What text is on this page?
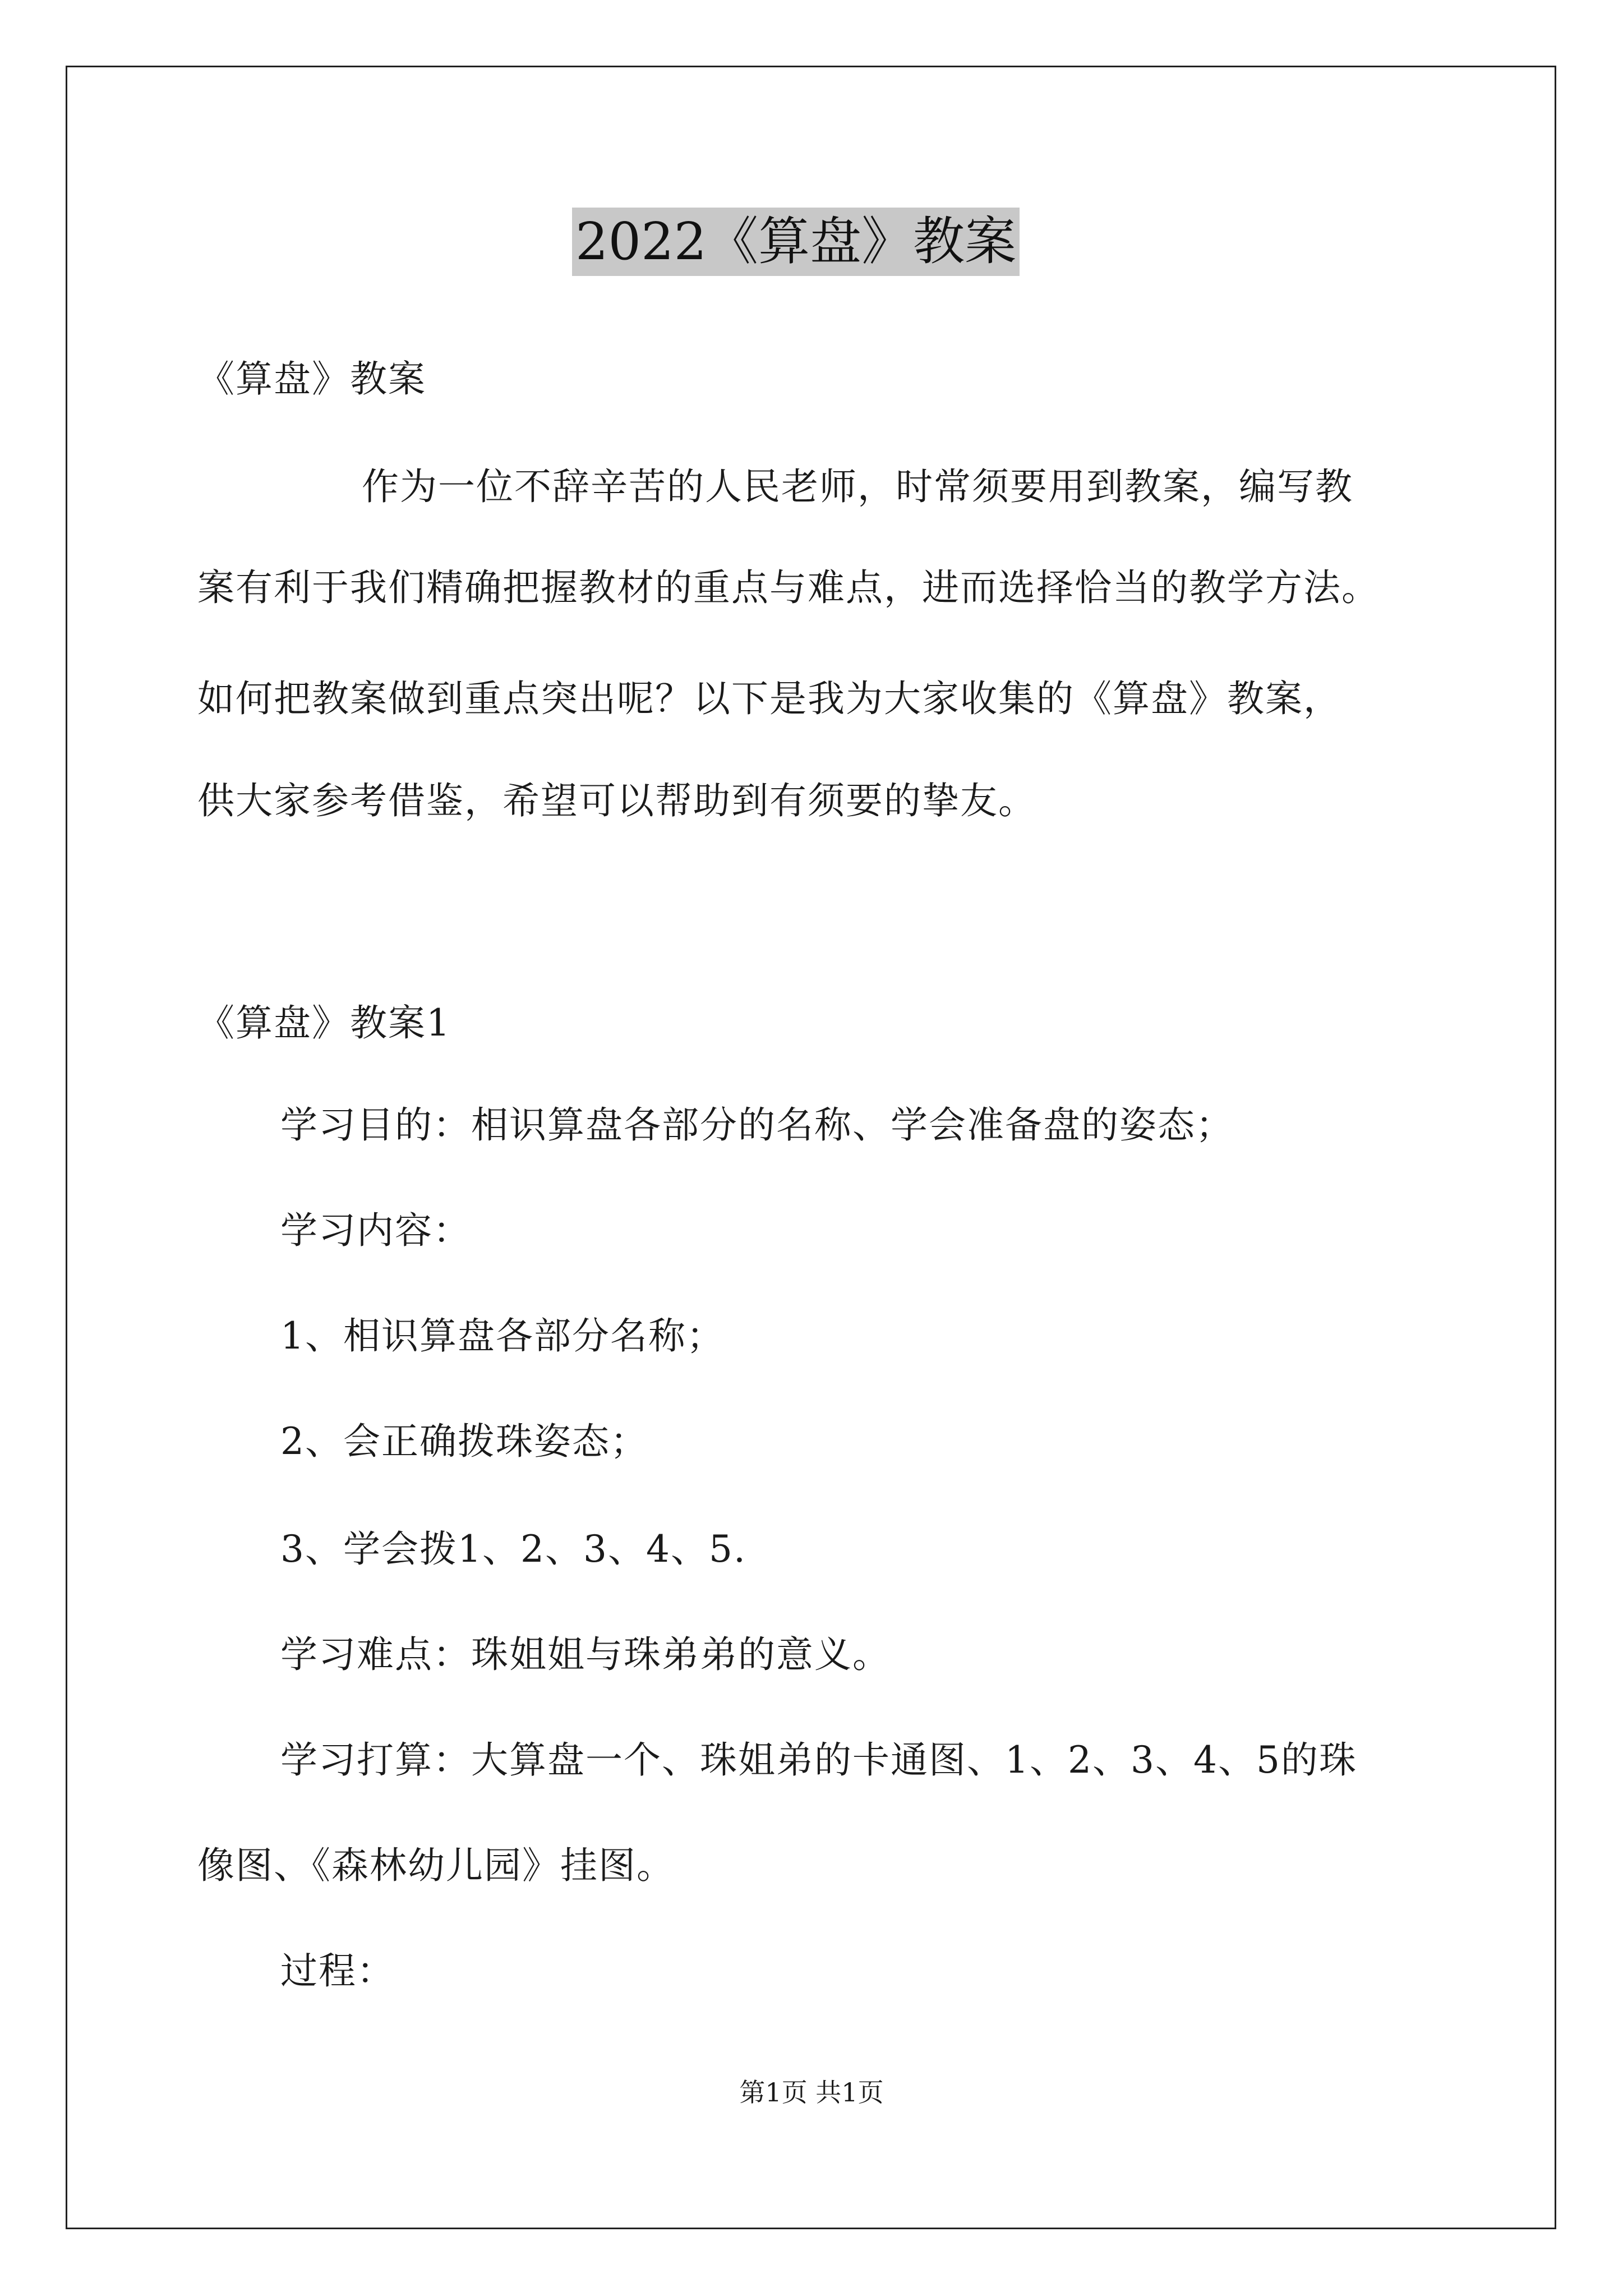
2022《算盘》教案
《算盘》教案
作为一位不辞辛苦的人民老师，时常须要用到教案，编写教
案有利于我们精确把握教材的重点与难点，进而选择恰当的教学方法。
如何把教案做到重点突出呢？以下是我为大家收集的《算盘》教案，
供大家参考借鉴，希望可以帮助到有须要的挚友。
《算盘》教案1
学习目的：相识算盘各部分的名称、学会准备盘的姿态；
学习内容：
1、相识算盘各部分名称；
2、会正确拨珠姿态；
3、学会拨1、2、3、4、5.
学习难点：珠姐姐与珠弟弟的意义。
学习打算：大算盘一个、珠姐弟的卡通图、1、2、3、4、5的珠
像图、《森林幼儿园》挂图。
过程：
第1页 共1页
